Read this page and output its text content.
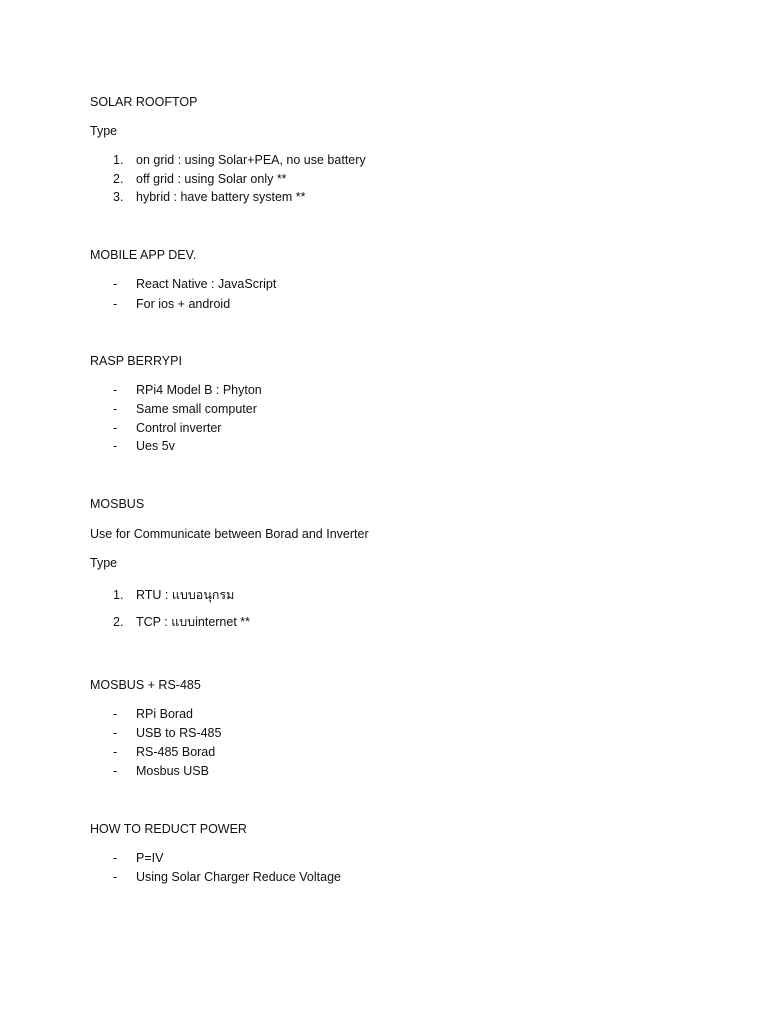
SOLAR ROOFTOP
Type
1. on grid : using Solar+PEA, no use battery
2. off grid : using Solar only **
3. hybrid : have battery system **
MOBILE APP DEV.
- React Native : JavaScript
- For ios + android
RASP BERRYPI
- RPi4 Model B : Phyton
- Same small computer
- Control inverter
- Ues 5v
MOSBUS
Use for Communicate between Borad and Inverter
Type
1. RTU : แบบอนุกรม
2. TCP : แบบinternet **
MOSBUS + RS-485
- RPi Borad
- USB to RS-485
- RS-485 Borad
- Mosbus USB
HOW TO REDUCT POWER
- P=IV
- Using Solar Charger Reduce Voltage
